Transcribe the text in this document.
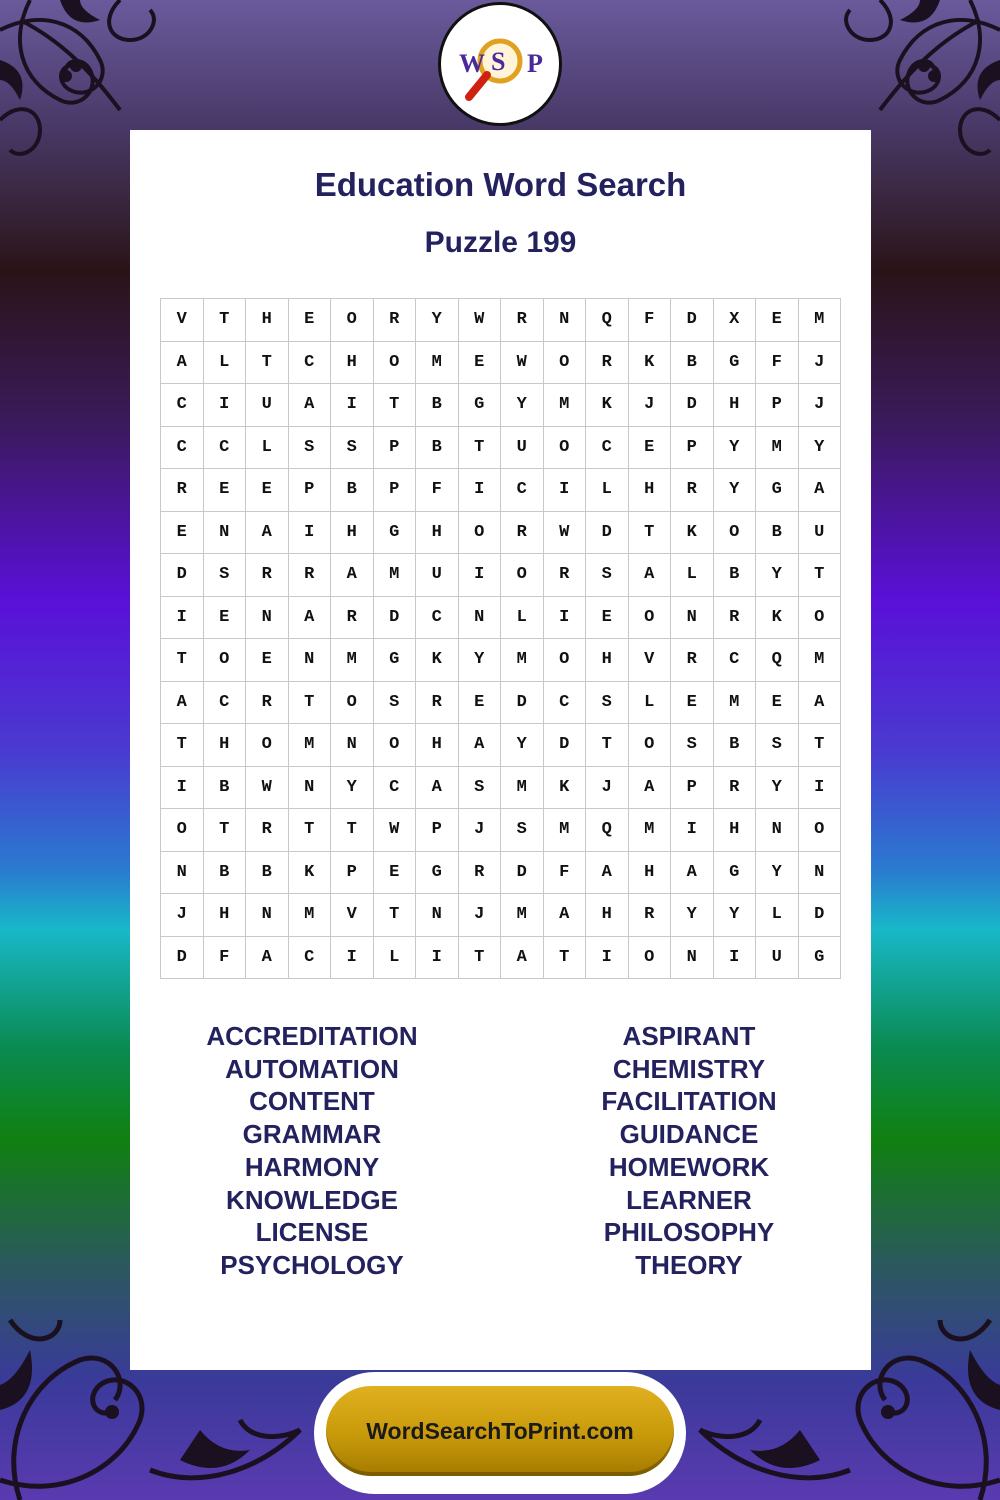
W S P
Education Word Search
Puzzle 199
V	T	H	E	O	R	Y	W	R	N	Q	F	D	X	E	M
A	L	T	C	H	O	M	E	W	O	R	K	B	G	F	J
C	I	U	A	I	T	B	G	Y	M	K	J	D	H	P	J
C	C	L	S	S	P	B	T	U	O	C	E	P	Y	M	Y
R	E	E	P	B	P	F	I	C	I	L	H	R	Y	G	A
E	N	A	I	H	G	H	O	R	W	D	T	K	O	B	U
D	S	R	R	A	M	U	I	O	R	S	A	L	B	Y	T
I	E	N	A	R	D	C	N	L	I	E	O	N	R	K	O
T	O	E	N	M	G	K	Y	M	O	H	V	R	C	Q	M
A	C	R	T	O	S	R	E	D	C	S	L	E	M	E	A
T	H	O	M	N	O	H	A	Y	D	T	O	S	B	S	T
I	B	W	N	Y	C	A	S	M	K	J	A	P	R	Y	I
O	T	R	T	T	W	P	J	S	M	Q	M	I	H	N	O
N	B	B	K	P	E	G	R	D	F	A	H	A	G	Y	N
J	H	N	M	V	T	N	J	M	A	H	R	Y	Y	L	D
D	F	A	C	I	L	I	T	A	T	I	O	N	I	U	G
ACCREDITATION
AUTOMATION
CONTENT
GRAMMAR
HARMONY
KNOWLEDGE
LICENSE
PSYCHOLOGY
ASPIRANT
CHEMISTRY
FACILITATION
GUIDANCE
HOMEWORK
LEARNER
PHILOSOPHY
THEORY
WordSearchToPrint.com
